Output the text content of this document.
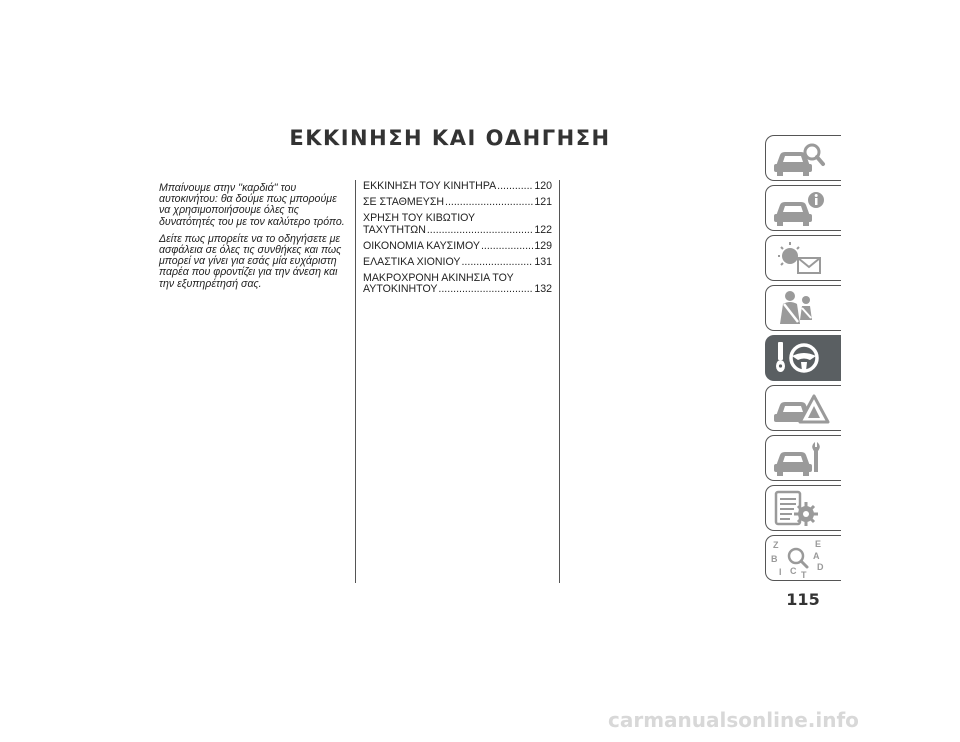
ΕΚΚΙΝΗΣΗ ΚΑΙ ΟΔΗΓΗΣΗ

Μπαίνουμε στην ''καρδιά'' του αυτοκινήτου: θα δούμε πως μπορούμε να χρησιμοποιήσουμε όλες τις δυνατότητές του με τον καλύτερο τρόπο.

Δείτε πως μπορείτε να το οδηγήσετε με ασφάλεια σε όλες τις συνθήκες και πως μπορεί να γίνει για εσάς μία ευχάριστη παρέα που φροντίζει για την άνεση και την εξυπηρέτησή σας.

ΕΚΚΙΝΗΣΗ ΤΟΥ ΚΙΝΗΤΗΡΑ .....	120
ΣΕ ΣΤΑΘΜΕΥΣΗ .....	121
ΧΡΗΣΗ ΤΟΥ ΚΙΒΩΤΙΟΥ
ΤΑΧΥΤΗΤΩΝ .....	122
ΟΙΚΟΝΟΜΙΑ ΚΑΥΣΙΜΟΥ .....	129
ΕΛΑΣΤΙΚΑ ΧΙΟΝΙΟΥ .....	131
ΜΑΚΡΟΧΡΟΝΗ ΑΚΙΝΗΣΙΑ ΤΟΥ
ΑΥΤΟΚΙΝΗΤΟΥ .....	132
Z	E
B	A
D
I C T
115
carmanualsonline.info
